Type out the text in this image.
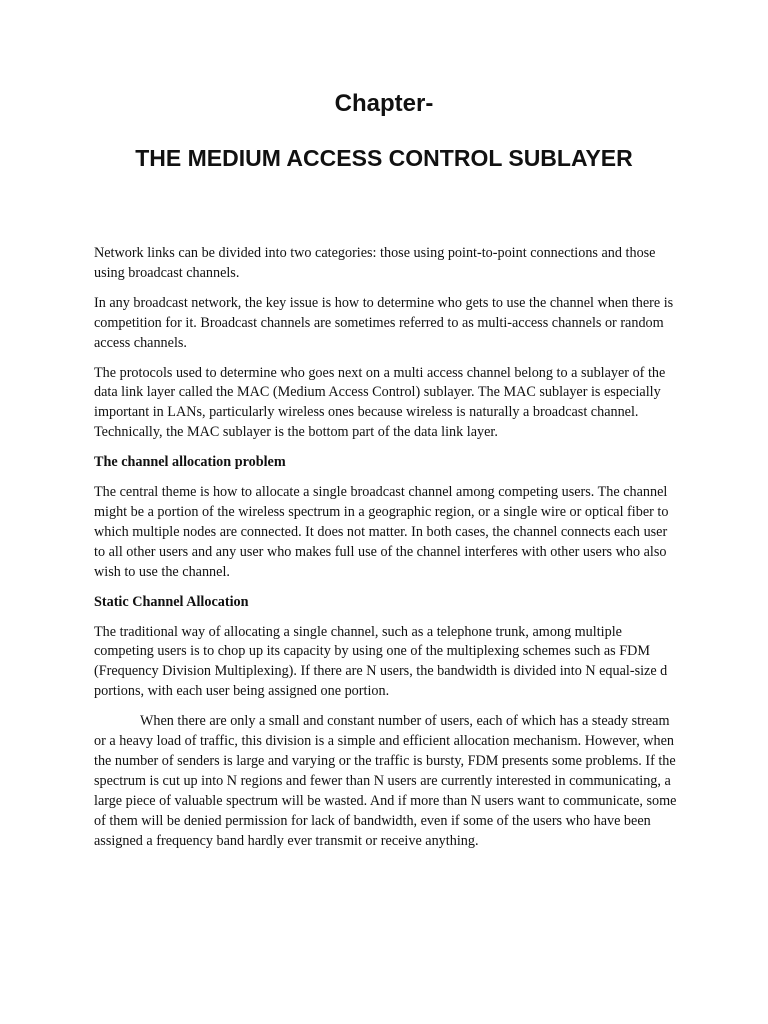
Chapter-
THE MEDIUM ACCESS CONTROL SUBLAYER

Network links can be divided into two categories: those using point-to-point connections and those using broadcast channels.

In any broadcast network, the key issue is how to determine who gets to use the channel when there is competition for it. Broadcast channels are sometimes referred to as multi-access channels or random access channels.

The protocols used to determine who goes next on a multi access channel belong to a sublayer of the data link layer called the MAC (Medium Access Control) sublayer. The MAC sublayer is especially important in LANs, particularly wireless ones because wireless is naturally a broadcast channel. Technically, the MAC sublayer is the bottom part of the data link layer.

The channel allocation problem

The central theme is how to allocate a single broadcast channel among competing users. The channel might be a portion of the wireless spectrum in a geographic region, or a single wire or optical fiber to which multiple nodes are connected. It does not matter. In both cases, the channel connects each user to all other users and any user who makes full use of the channel interferes with other users who also wish to use the channel.

Static Channel Allocation

The traditional way of allocating a single channel, such as a telephone trunk, among multiple competing users is to chop up its capacity by using one of the multiplexing schemes such as FDM (Frequency Division Multiplexing). If there are N users, the bandwidth is divided into N equal-size d portions, with each user being assigned one portion.

When there are only a small and constant number of users, each of which has a steady stream or a heavy load of traffic, this division is a simple and efficient allocation mechanism. However, when the number of senders is large and varying or the traffic is bursty, FDM presents some problems. If the spectrum is cut up into N regions and fewer than N users are currently interested in communicating, a large piece of valuable spectrum will be wasted. And if more than N users want to communicate, some of them will be denied permission for lack of bandwidth, even if some of the users who have been assigned a frequency band hardly ever transmit or receive anything.
